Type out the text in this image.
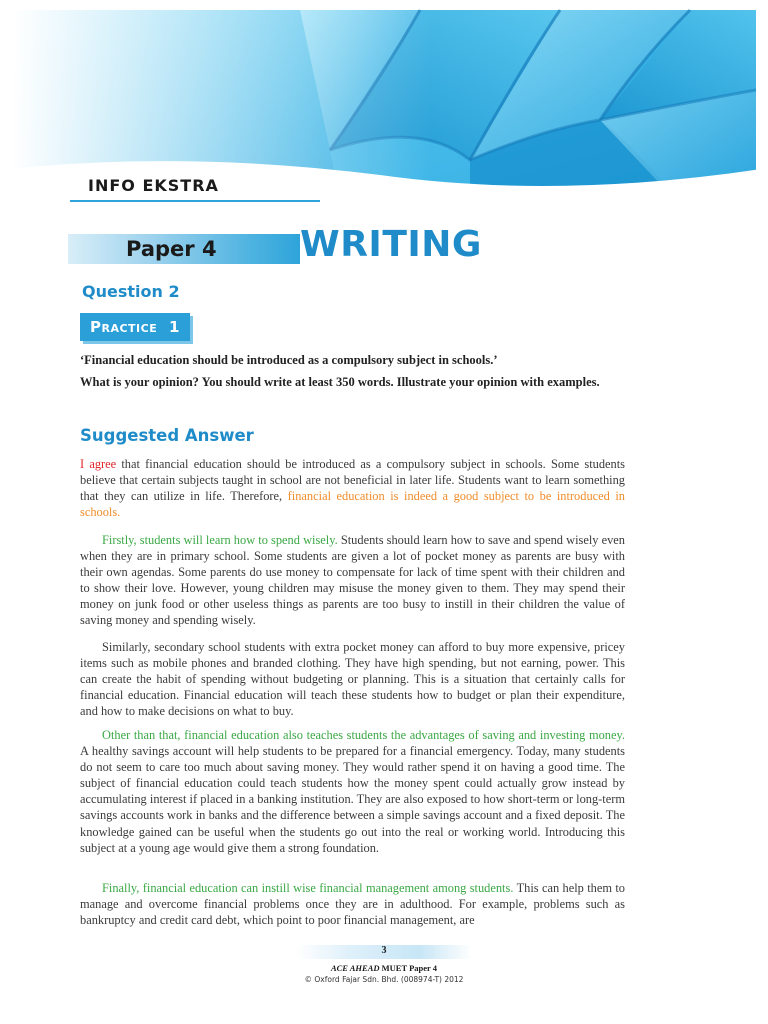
INFO EKSTRA
Paper 4 WRITING
Question 2
Practice 1

‘Financial education should be introduced as a compulsory subject in schools.’

What is your opinion? You should write at least 350 words. Illustrate your opinion with examples.

Suggested Answer

I agree that financial education should be introduced as a compulsory subject in schools. Some students believe that certain subjects taught in school are not beneficial in later life. Students want to learn something that they can utilize in life. Therefore, financial education is indeed a good subject to be introduced in schools.

Firstly, students will learn how to spend wisely. Students should learn how to save and spend wisely even when they are in primary school. Some students are given a lot of pocket money as parents are busy with their own agendas. Some parents do use money to compensate for lack of time spent with their children and to show their love. However, young children may misuse the money given to them. They may spend their money on junk food or other useless things as parents are too busy to instill in their children the value of saving money and spending wisely.

Similarly, secondary school students with extra pocket money can afford to buy more expensive, pricey items such as mobile phones and branded clothing. They have high spending, but not earning, power. This can create the habit of spending without budgeting or planning. This is a situation that certainly calls for financial education. Financial education will teach these students how to budget or plan their expenditure, and how to make decisions on what to buy.

Other than that, financial education also teaches students the advantages of saving and investing money. A healthy savings account will help students to be prepared for a financial emergency. Today, many students do not seem to care too much about saving money. They would rather spend it on having a good time. The subject of financial education could teach students how the money spent could actually grow instead by accumulating interest if placed in a banking institution. They are also exposed to how short-term or long-term savings accounts work in banks and the difference between a simple savings account and a fixed deposit. The knowledge gained can be useful when the students go out into the real or working world. Introducing this subject at a young age would give them a strong foundation.

Finally, financial education can instill wise financial management among students. This can help them to manage and overcome financial problems once they are in adulthood. For example, problems such as bankruptcy and credit card debt, which point to poor financial management, are

3
ACE AHEAD MUET Paper 4
© Oxford Fajar Sdn. Bhd. (008974-T) 2012
